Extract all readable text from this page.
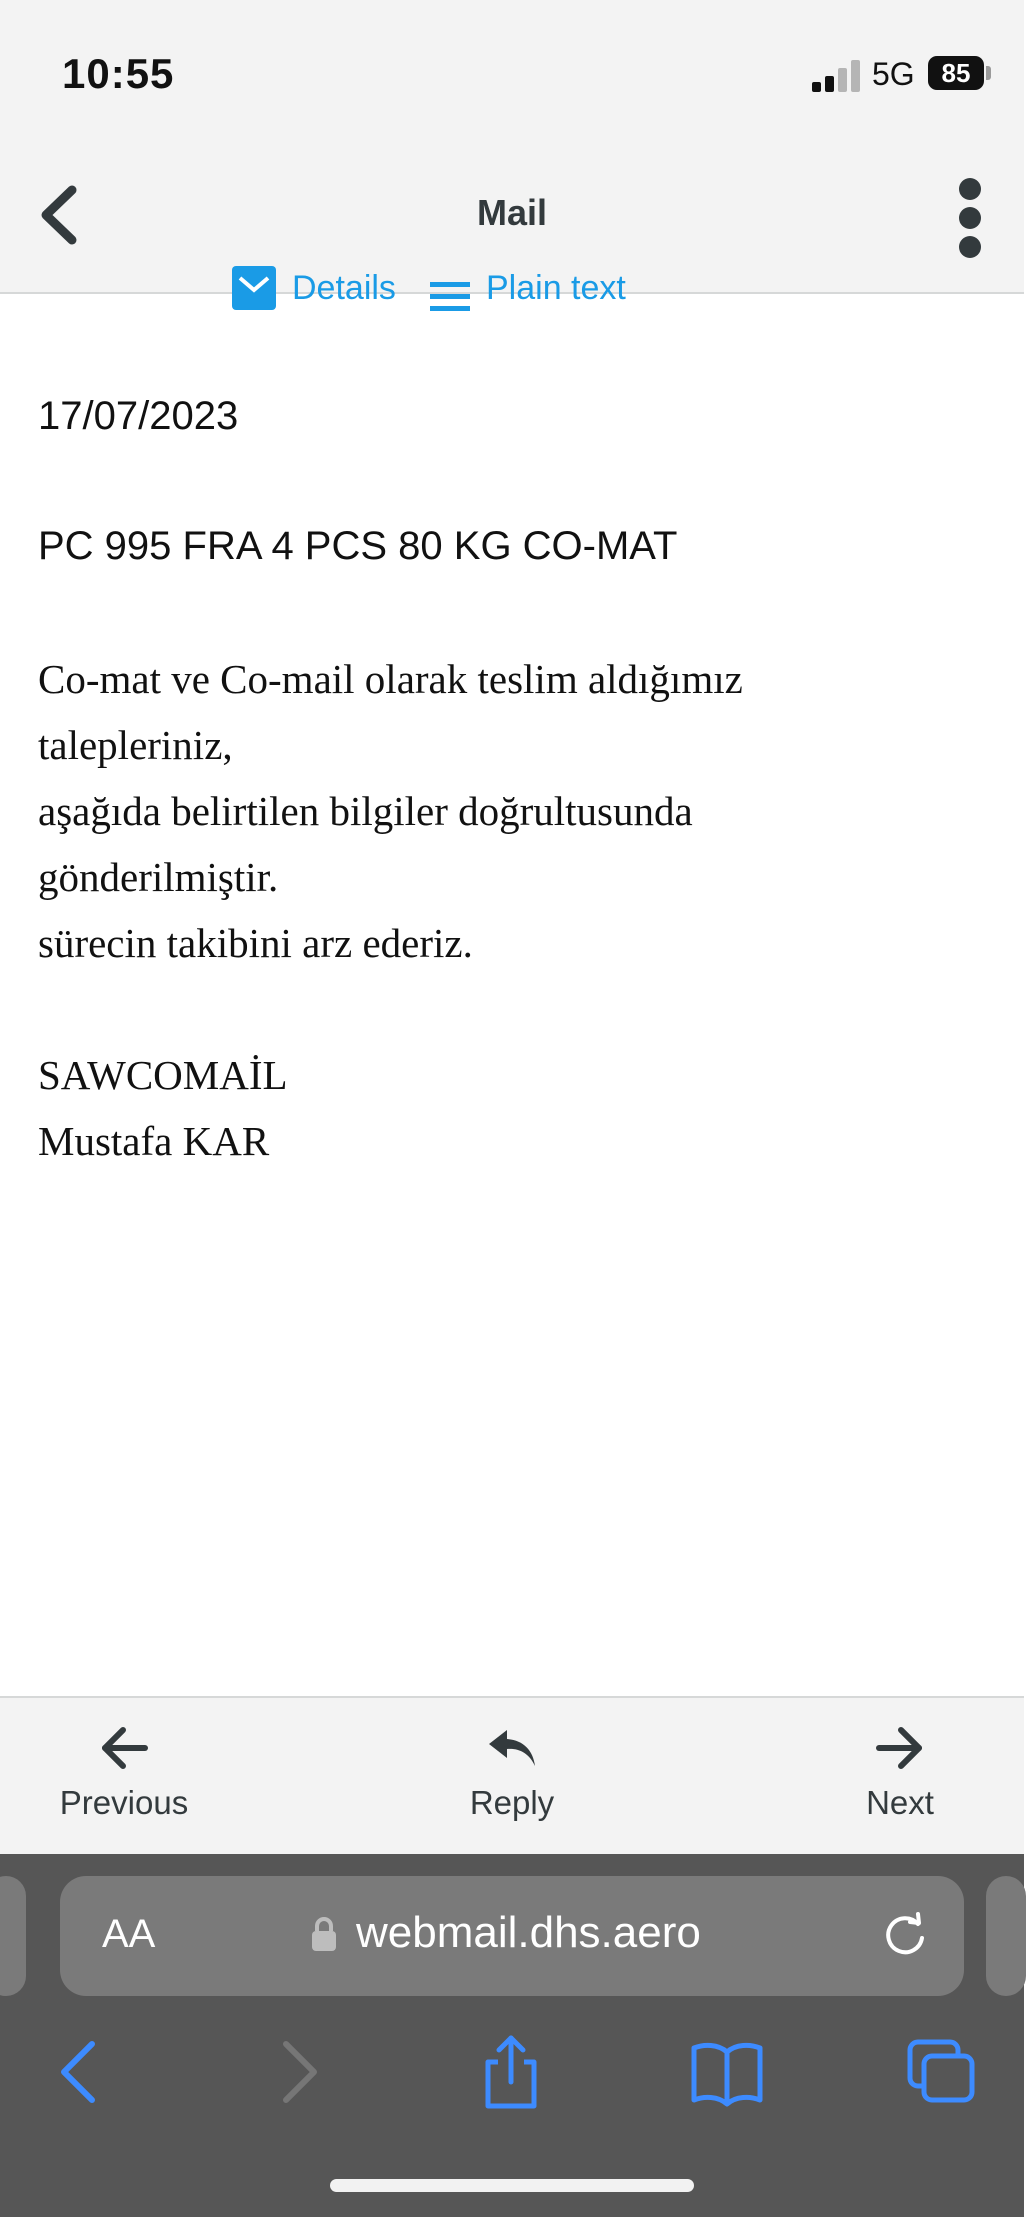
10:55	5G	85
Mail
Details	Plain text
17/07/2023
PC 995 FRA 4 PCS 80 KG CO-MAT
Co-mat ve Co-mail olarak teslim aldığımız
talepleriniz,
aşağıda belirtilen bilgiler doğrultusunda
gönderilmiştir.
sürecin takibini arz ederiz.
SAWCOMAİL
Mustafa KAR
Previous	Reply	Next
AA	webmail.dhs.aero
